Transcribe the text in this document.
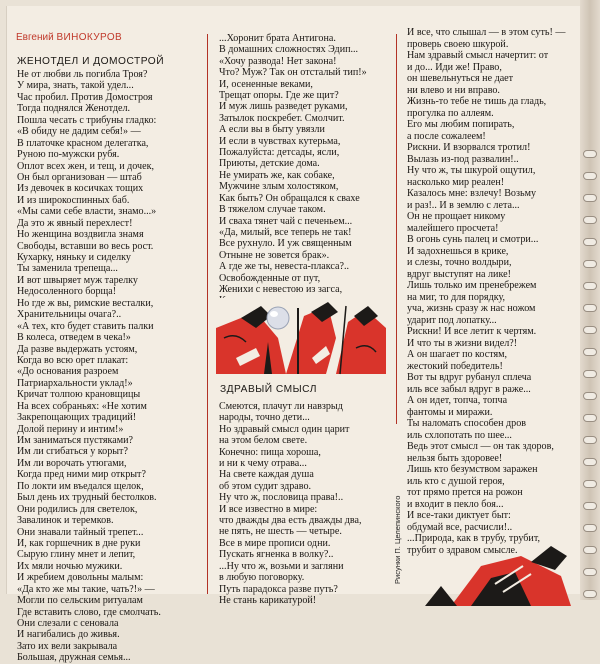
Евгений ВИНОКУРОВ

ЖЕНОТДЕЛ И ДОМОСТРОЙ

Не от любви ль погибла Троя?

У мира, знать, такой удел...

Час пробил. Против Домостроя

Тогда поднялся Женотдел.

Пошла чесать с трибуны гладко:

«В обиду не дадим себя!» —

В платочке красном делегатка,

Руною по-мужски рубя.

Оплот всех жен, и тещ, и дочек,

Он был организован — штаб

Из девочек в косичках тощих

И из широкоспинных баб.

«Мы сами себе власти, знамо...»

Да это ж явный перехлест!

Но женщина воздвигла знамя

Свободы, вставши во весь рост.

Кухарку, няньку и сиделку

Ты заменила трепеща...

И вот швыряет муж тарелку

Недосоленного борща!

Но где ж вы, римские весталки,

Хранительницы очага?..

«А тех, кто будет ставить палки

В колеса, отведем в чека!»

Да разве выдержать устоям,

Когда во всю орет плакат:

«До основания разроем

Патриархальности уклад!»

Кричат толпою крановщицы

На всех собраньях: «Не хотим

Закрепощающих традиций!

Долой перину и интим!»

Им заниматься пустяками?

Им ли сгибаться у корыт?

Им ли ворочать утюгами,

Когда пред ними мир открыт?

По локти им въедался щелок,

Был день их трудный бестолков.

Они родились для светелок,

Завалинок и теремков.

Они знавали тайный трепет...

И, как горшечник в дне руки

Сырую глину мнет и лепит,

Их мяли ночью мужики.

И жребием довольны малым:

«Да кто же мы такие, чать?!» —

Могли по сельским ритуалам

Где вставить слово, где смолчать.

Они слезали с сеновала

И нагибались до живья.

Зато их вели закрывала

Большая, дружная семья...

...Хоронит брата Антигона.

В домашних сложностях Эдип...

«Хочу развода! Нет закона!

Что? Муж? Так он отсталый тип!»

И, осененные веками,

Трещат опоры. Где же щит?

И муж лишь разведет руками,

Затылок поскребет. Смолчит.

А если вы в быту увязли

И если в чувствах кутерьма,

Пожалуйста: детсады, ясли,

Приюты, детские дома.

Не умирать же, как собаке,

Мужчине злым холостяком,

Как быть? Он обращался к свахе

В тяжелом случае таком.

И сваха тянет чай с печеньем...

«Да, милый, все теперь не так!

Все рухнуло. И уж священным

Отныне не зовется брак».

А где же ты, невеста-плакса?..

Освобожденные от пут,

Женихи с невестою из загса,

ЗДРАВЫЙ СМЫСЛ

Смеются, плачут ли навзрыд

народы, точно дети...

Но здравый смысл один царит

на этом белом свете.

Конечно: пища хороша,

и ни к чему отрава...

На свете каждая душа

об этом судит здраво.

Ну что ж, пословица права!..

И все известно в мире:

что дважды два есть дважды два,

не пять, не шесть — четыре.

Все в мире прописи одни.

Пускать ягненка в волку?..

...Ну что ж, возьми и загляни

в любую поговорку.

Путь парадокса разве путь?

Не стань карикатурой!

И все, что слышал — в этом суть! —

проверь своею шкурой.

Нам здравый смысл начертит: от

и до... Иди же! Право,

он шевельнуться не дает

ни влево и ни вправо.

Жизнь-то тебе не тишь да гладь,

прогулка по аллеям.

Его мы любим попирать,

а после сожалеем!

Рискни. И взорвался тротил!

Вылазь из-под развалин!..

Ну что ж, ты шкурой ощутил,

насколько мир реален!

Казалось мне: взлечу! Возьму

и раз!.. И в землю с лета...

Он не прощает никому

малейшего просчета!

В огонь сунь палец и смотри...

И задохнешься в крике,

и слезы, точно волдыри,

вдруг выступят на лике!

Лишь только им пренебрежем

на миг, то для порядку,

уча, жизнь сразу ж нас ножом

ударит под лопатку...

Рискни! И все летит к чертям.

И что ты в жизни видел?!

А он шагает по костям,

жестокий победитель!

Вот ты вдруг рубанул сплеча

иль все забыл вдруг в раже...

А он идет, топча, топча

фантомы и миражи.

Ты наломать способен дров

иль схлопотать по шее...

Ведь этот смысл — он так здоров,

нельзя быть здоровее!

Лишь кто безумством заражен

иль кто с душой героя,

тот прямо прется на рожон

и входит в пекло боя...

И все-таки диктует быт:

обдумай все, расчисли!..

...Природа, как в трубу, трубит,

трубит о здравом смысле.

Рисунки П. Целепинского
